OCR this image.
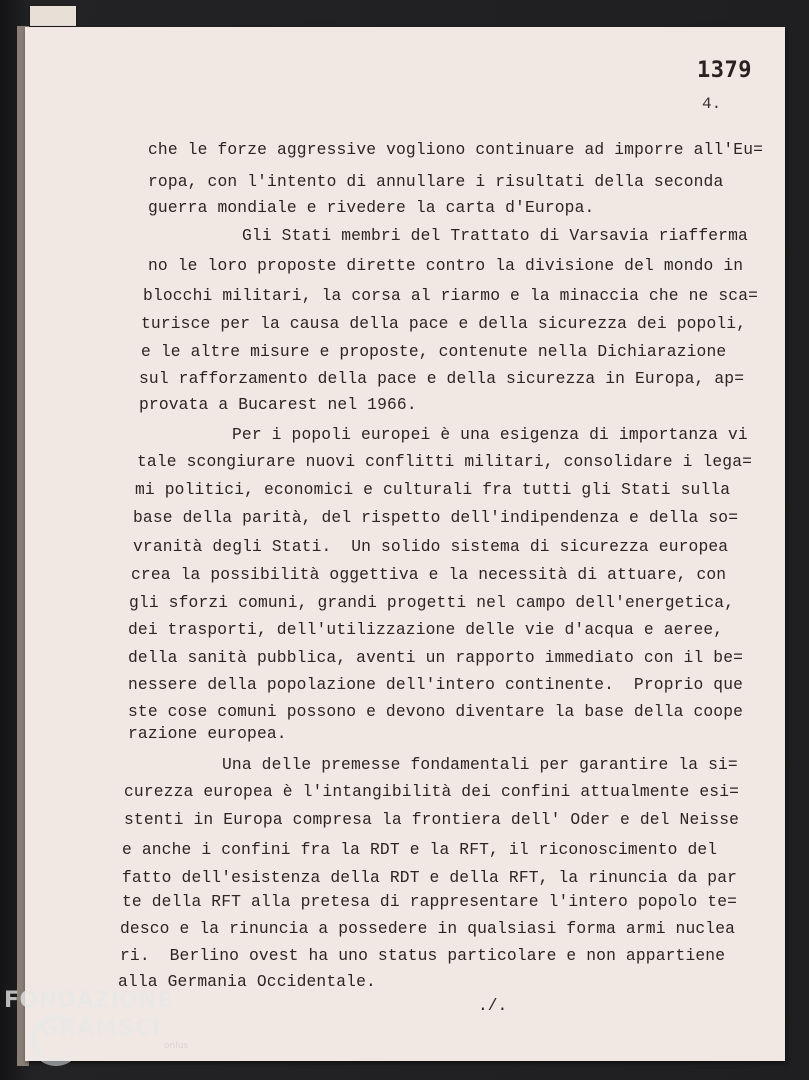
1379
4.
che le forze aggressive vogliono continuare ad imporre all'Eu=
ropa, con l'intento di annullare i risultati della seconda
guerra mondiale e rivedere la carta d'Europa.
Gli Stati membri del Trattato di Varsavia riafferma
no le loro proposte dirette contro la divisione del mondo in
blocchi militari, la corsa al riarmo e la minaccia che ne sca=
turisce per la causa della pace e della sicurezza dei popoli,
e le altre misure e proposte, contenute nella Dichiarazione
sul rafforzamento della pace e della sicurezza in Europa, ap=
provata a Bucarest nel 1966.
Per i popoli europei è una esigenza di importanza vi
tale scongiurare nuovi conflitti militari, consolidare i lega=
mi politici, economici e culturali fra tutti gli Stati sulla
base della parità, del rispetto dell'indipendenza e della so=
vranità degli Stati.  Un solido sistema di sicurezza europea
crea la possibilità oggettiva e la necessità di attuare, con
gli sforzi comuni, grandi progetti nel campo dell'energetica,
dei trasporti, dell'utilizzazione delle vie d'acqua e aeree,
della sanità pubblica, aventi un rapporto immediato con il be=
nessere della popolazione dell'intero continente.  Proprio que
ste cose comuni possono e devono diventare la base della coope
razione europea.
Una delle premesse fondamentali per garantire la si=
curezza europea è l'intangibilità dei confini attualmente esi=
stenti in Europa compresa la frontiera dell' Oder e del Neisse
e anche i confini fra la RDT e la RFT, il riconoscimento del
fatto dell'esistenza della RDT e della RFT, la rinuncia da par
te della RFT alla pretesa di rappresentare l'intero popolo te=
desco e la rinuncia a possedere in qualsiasi forma armi nuclea
ri.  Berlino ovest ha uno status particolare e non appartiene
alla Germania Occidentale.
./.
FONDAZIONE
GRAMSCI
onlus
